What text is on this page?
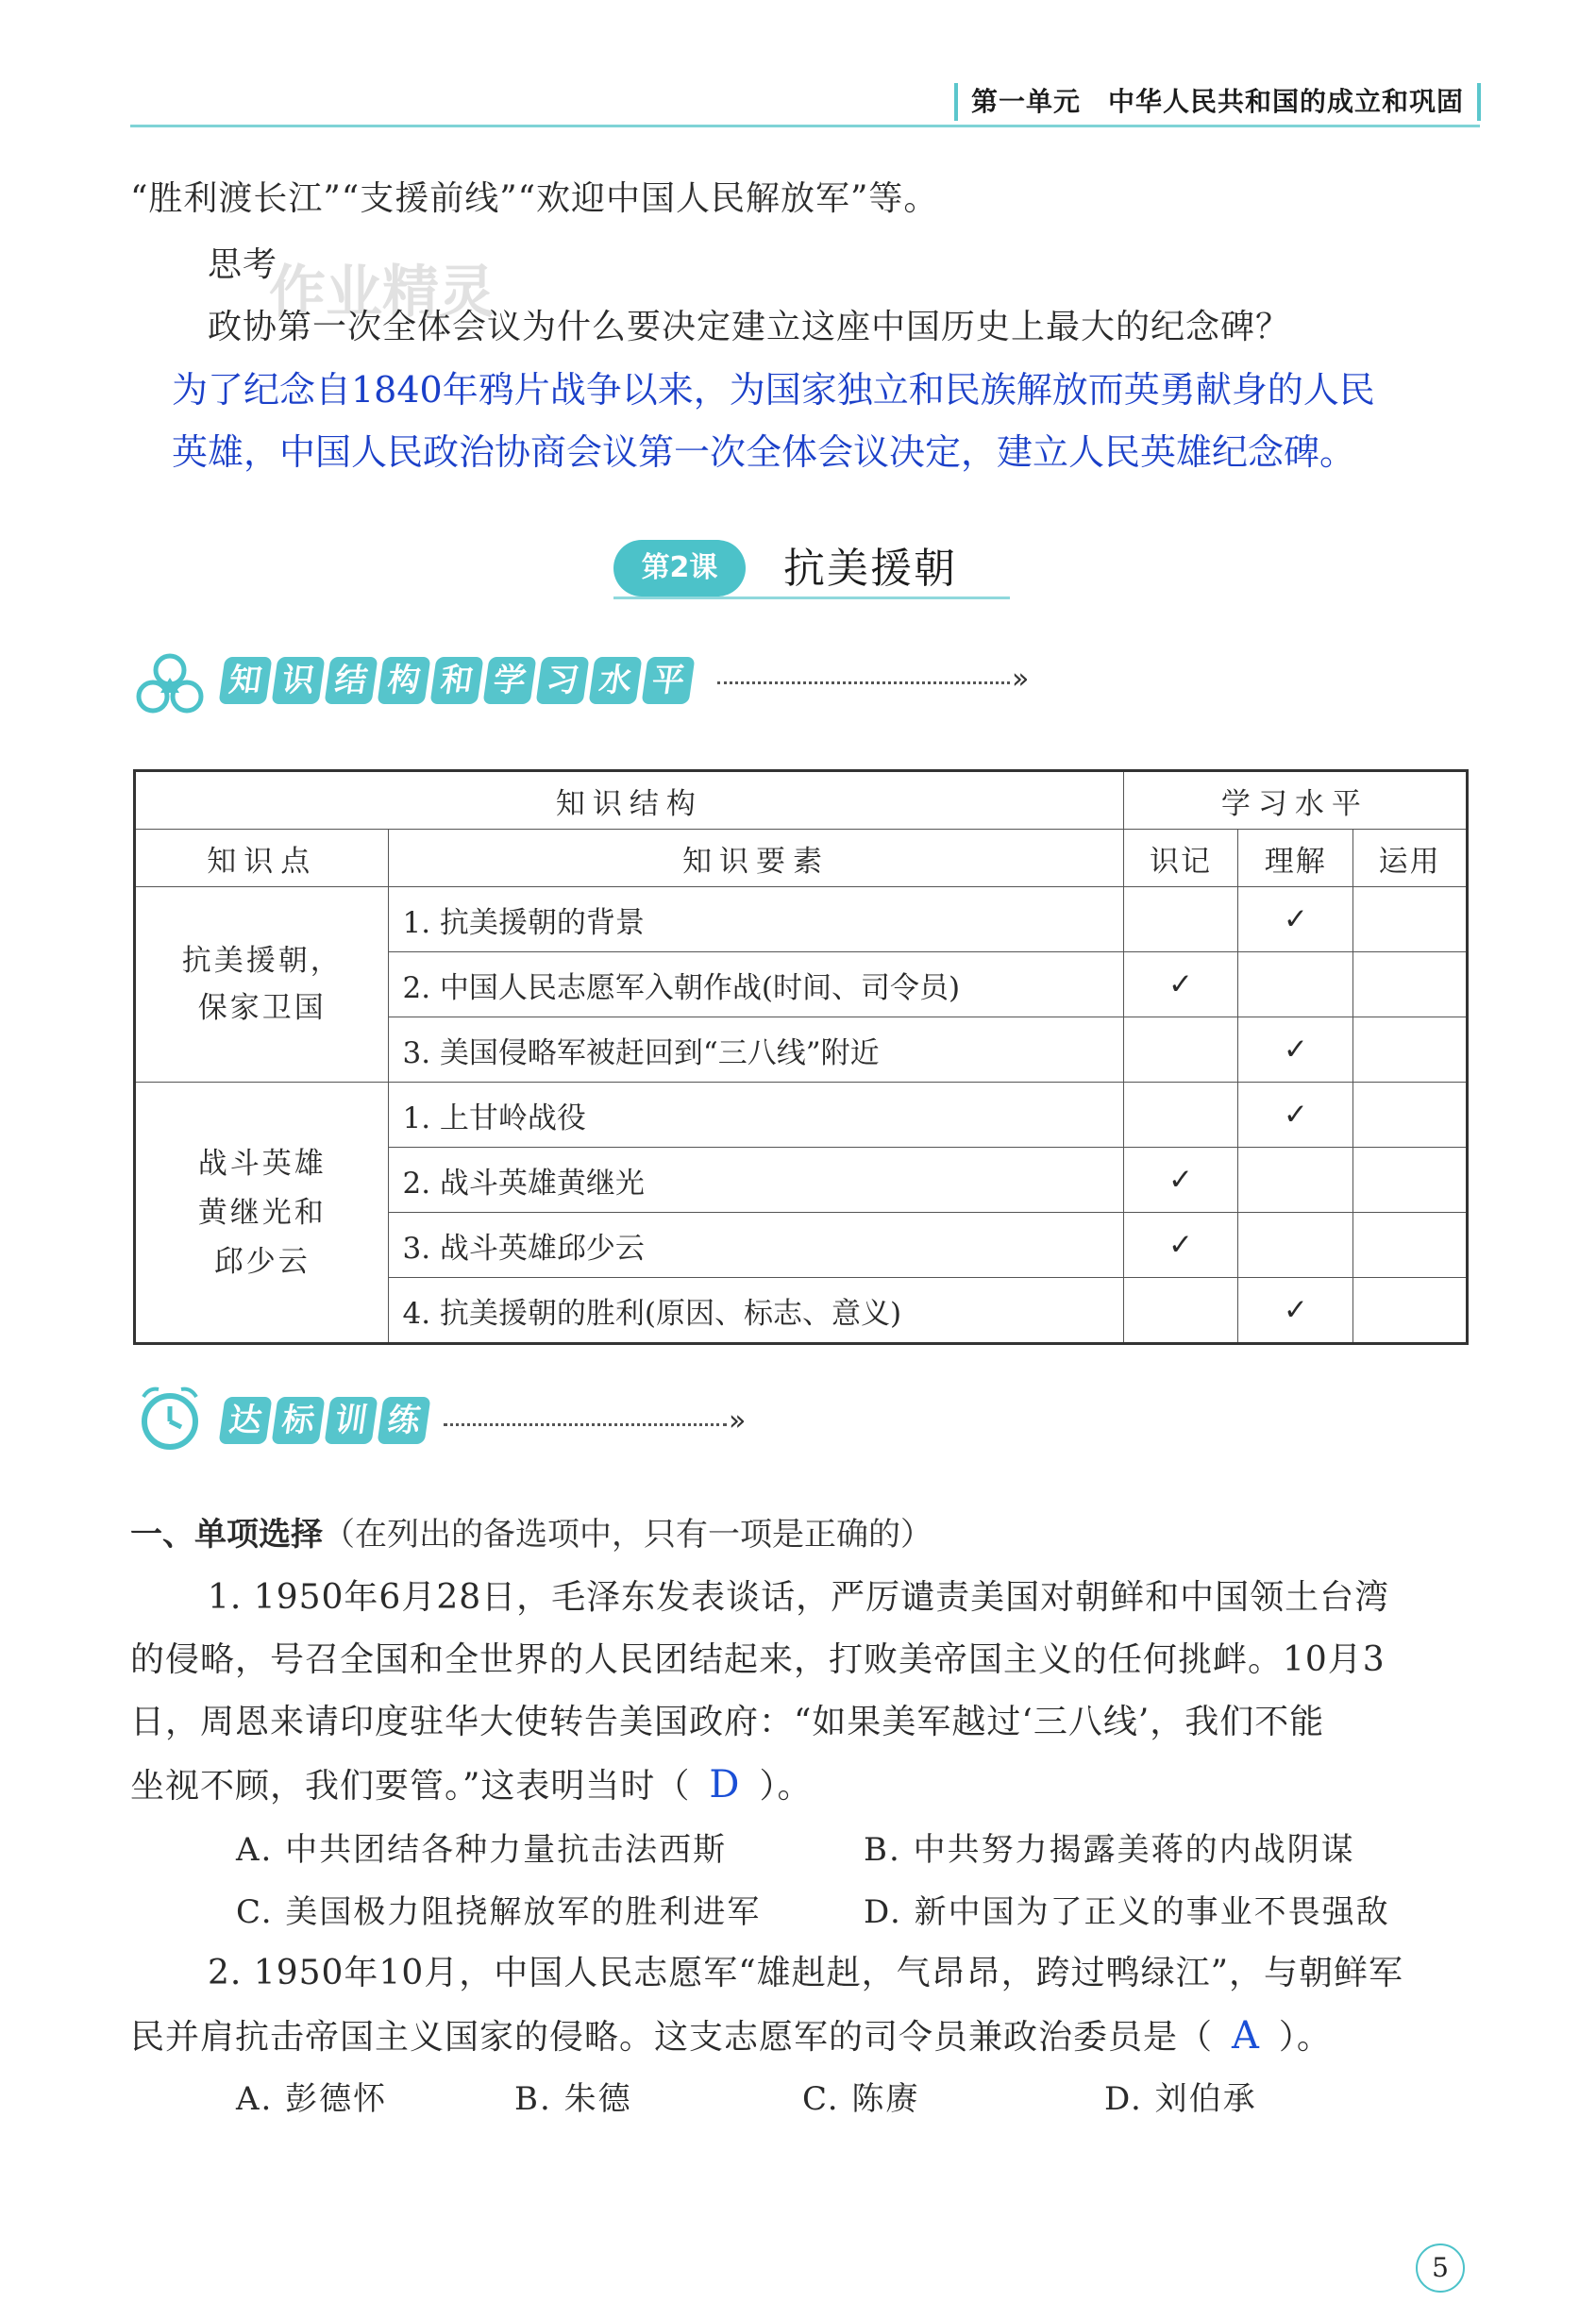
第一单元　中华人民共和国的成立和巩固
“胜利渡长江”“支援前线”“欢迎中国人民解放军”等。
思考
作业精灵
政协第一次全体会议为什么要决定建立这座中国历史上最大的纪念碑？
为了纪念自1840年鸦片战争以来，为国家独立和民族解放而英勇献身的人民
英雄，中国人民政治协商会议第一次全体会议决定，建立人民英雄纪念碑。
第2课	抗美援朝
知 识 结 构 和 学 习 水 平	»
知识结构		学习水平		
知识点	知识要素	识记	理解	运用

抗美援朝，
保家卫国	1. 抗美援朝的背景		✓	
	2. 中国人民志愿军入朝作战(时间、司令员)	✓		
	3. 美国侵略军被赶回到“三八线”附近		✓	

战斗英雄
黄继光和
邱少云	1. 上甘岭战役		✓	
	2. 战斗英雄黄继光	✓		
	3. 战斗英雄邱少云	✓		
	4. 抗美援朝的胜利(原因、标志、意义)		✓	
达 标 训 练	»
一、单项选择（在列出的备选项中，只有一项是正确的）
1. 1950年6月28日，毛泽东发表谈话，严厉谴责美国对朝鲜和中国领土台湾
的侵略，号召全国和全世界的人民团结起来，打败美帝国主义的任何挑衅。10月3
日，周恩来请印度驻华大使转告美国政府：“如果美军越过‘三八线’，我们不能
坐视不顾，我们要管。”这表明当时（ D ）。
A. 中共团结各种力量抗击法西斯	B. 中共努力揭露美蒋的内战阴谋
C. 美国极力阻挠解放军的胜利进军	D. 新中国为了正义的事业不畏强敌
2. 1950年10月，中国人民志愿军“雄赳赳，气昂昂，跨过鸭绿江”，与朝鲜军
民并肩抗击帝国主义国家的侵略。这支志愿军的司令员兼政治委员是（ A ）。
A. 彭德怀	B. 朱德	C. 陈赓	D. 刘伯承
5
